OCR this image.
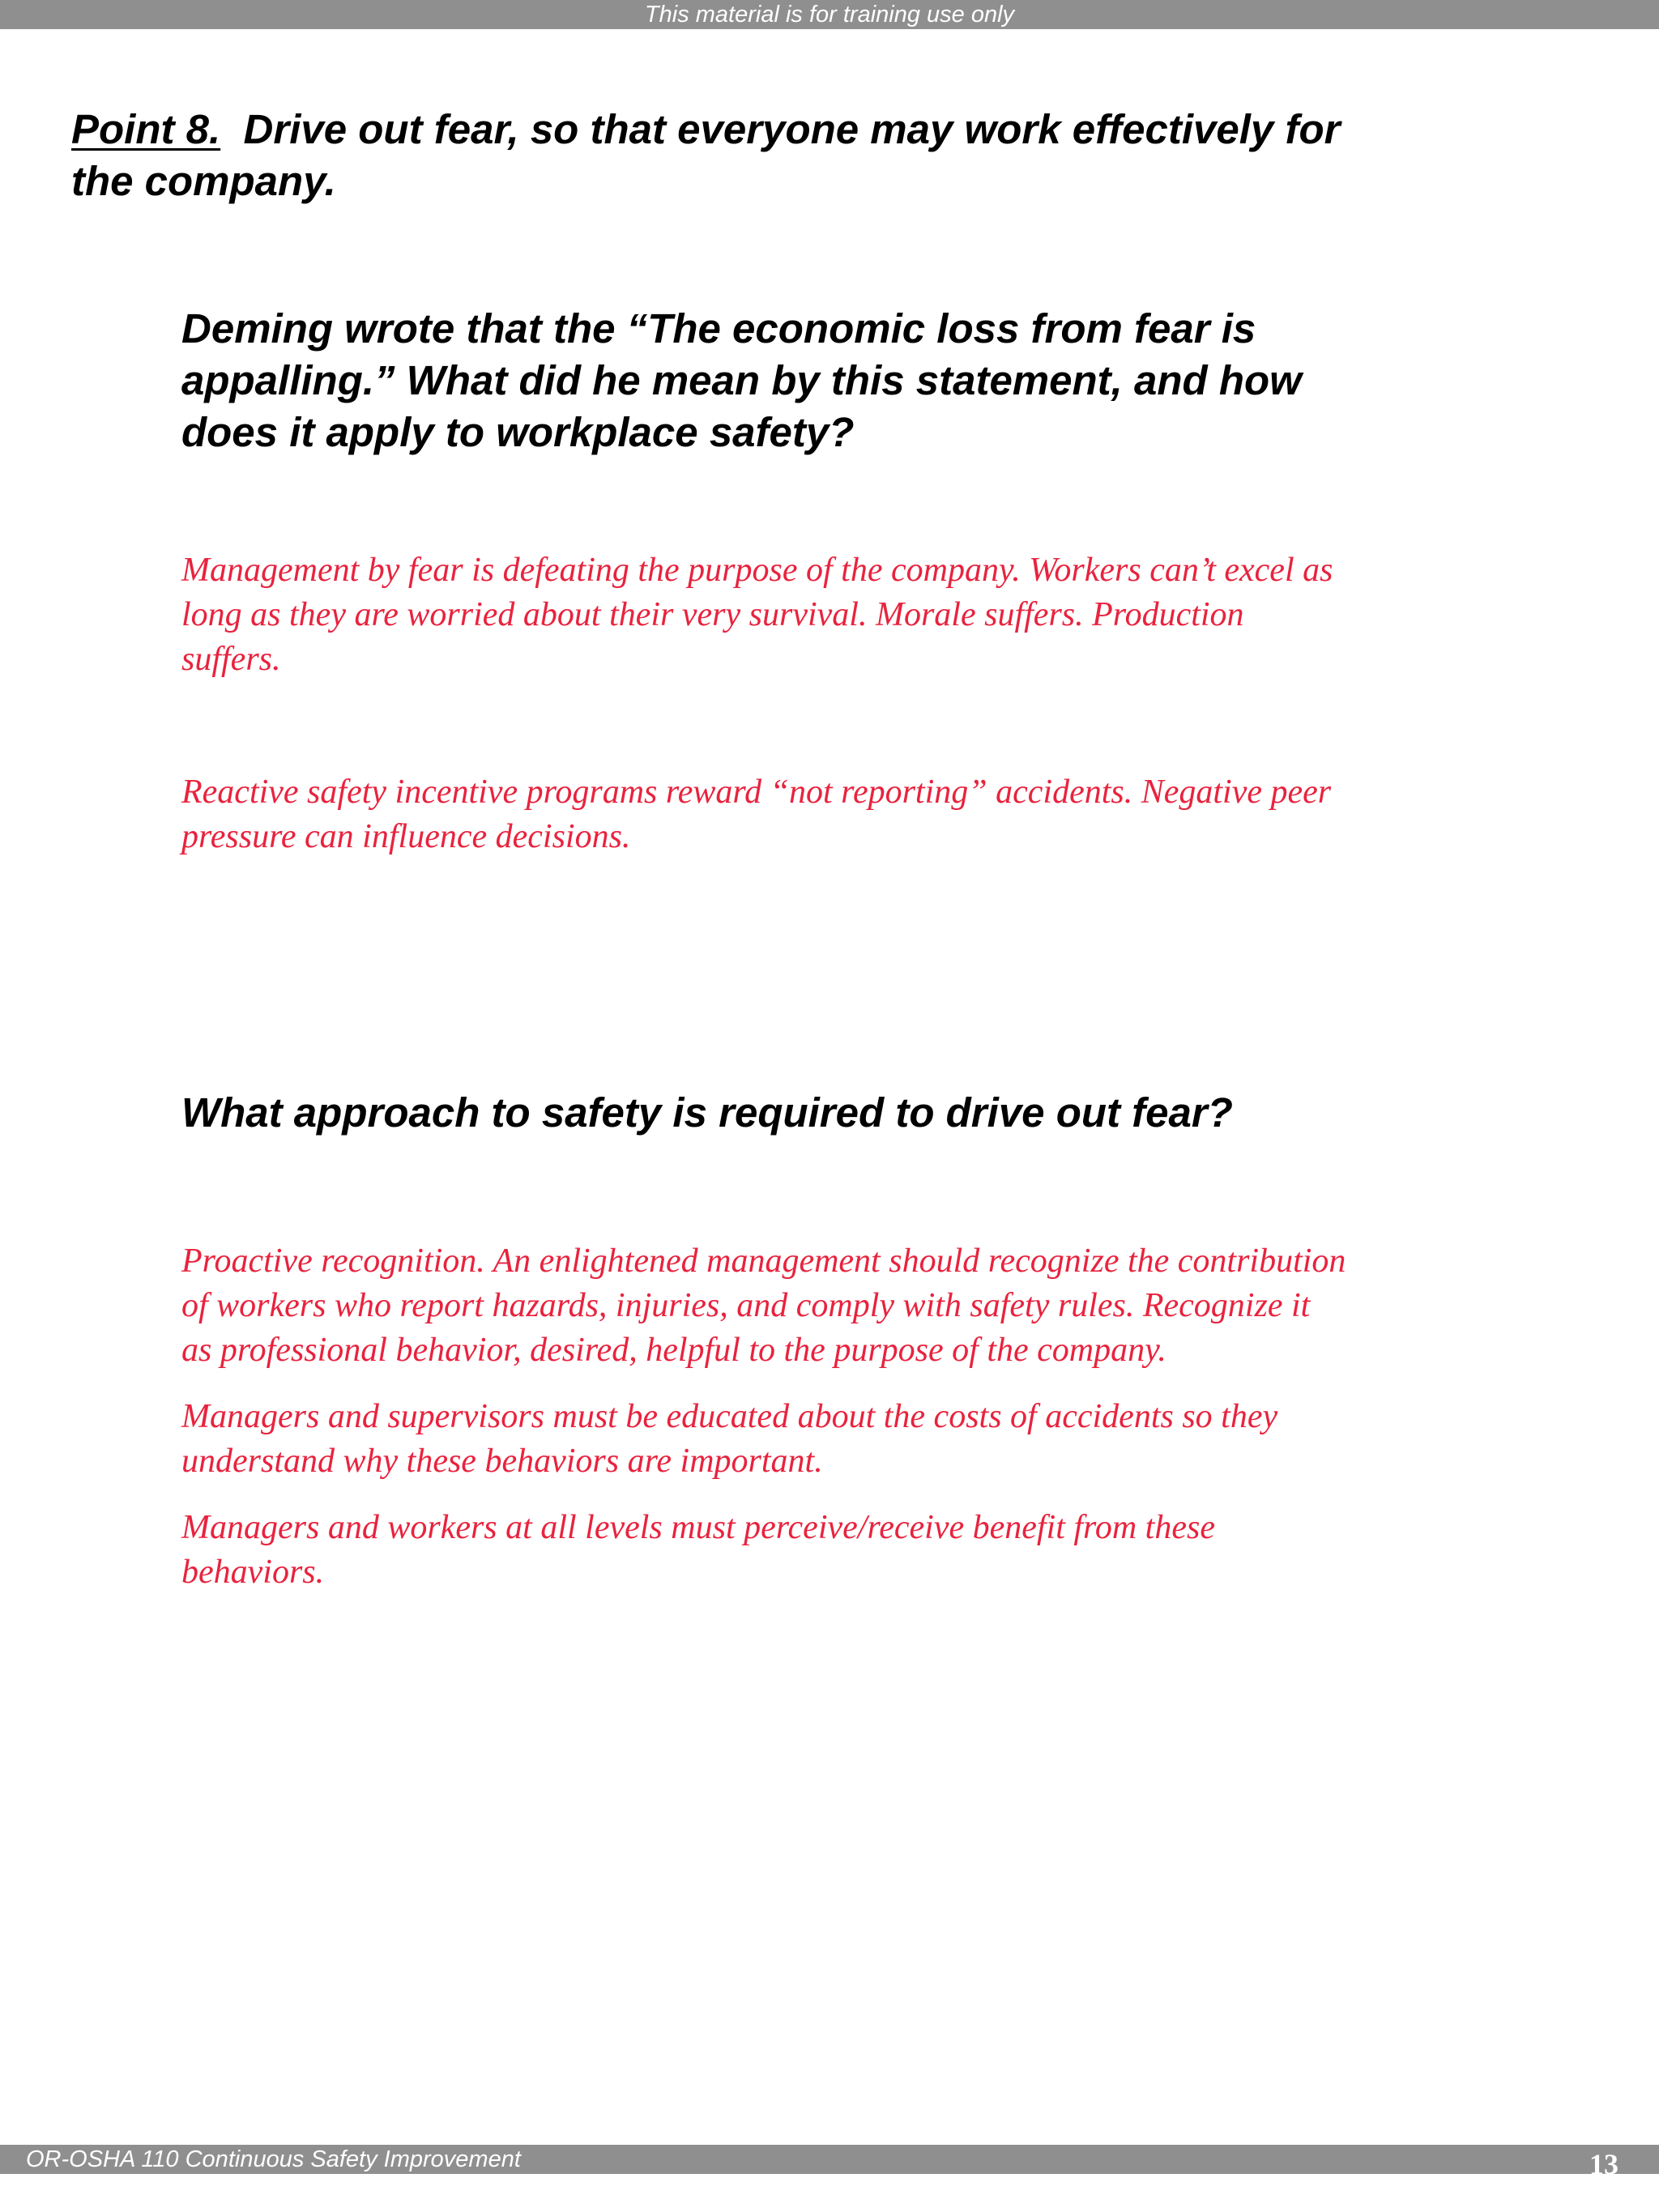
This material is for training use only
Point 8. Drive out fear, so that everyone may work effectively for the company.
Deming wrote that the “The economic loss from fear is appalling.” What did he mean by this statement, and how does it apply to workplace safety?

Management by fear is defeating the purpose of the company. Workers can’t excel as long as they are worried about their very survival. Morale suffers. Production suffers.

Reactive safety incentive programs reward “not reporting” accidents. Negative peer pressure can influence decisions.

What approach to safety is required to drive out fear?

Proactive recognition. An enlightened management should recognize the contribution of workers who report hazards, injuries, and comply with safety rules. Recognize it as professional behavior, desired, helpful to the purpose of the company.

Managers and supervisors must be educated about the costs of accidents so they understand why these behaviors are important.

Managers and workers at all levels must perceive/receive benefit from these behaviors.

OR-OSHA 110 Continuous Safety Improvement	13
